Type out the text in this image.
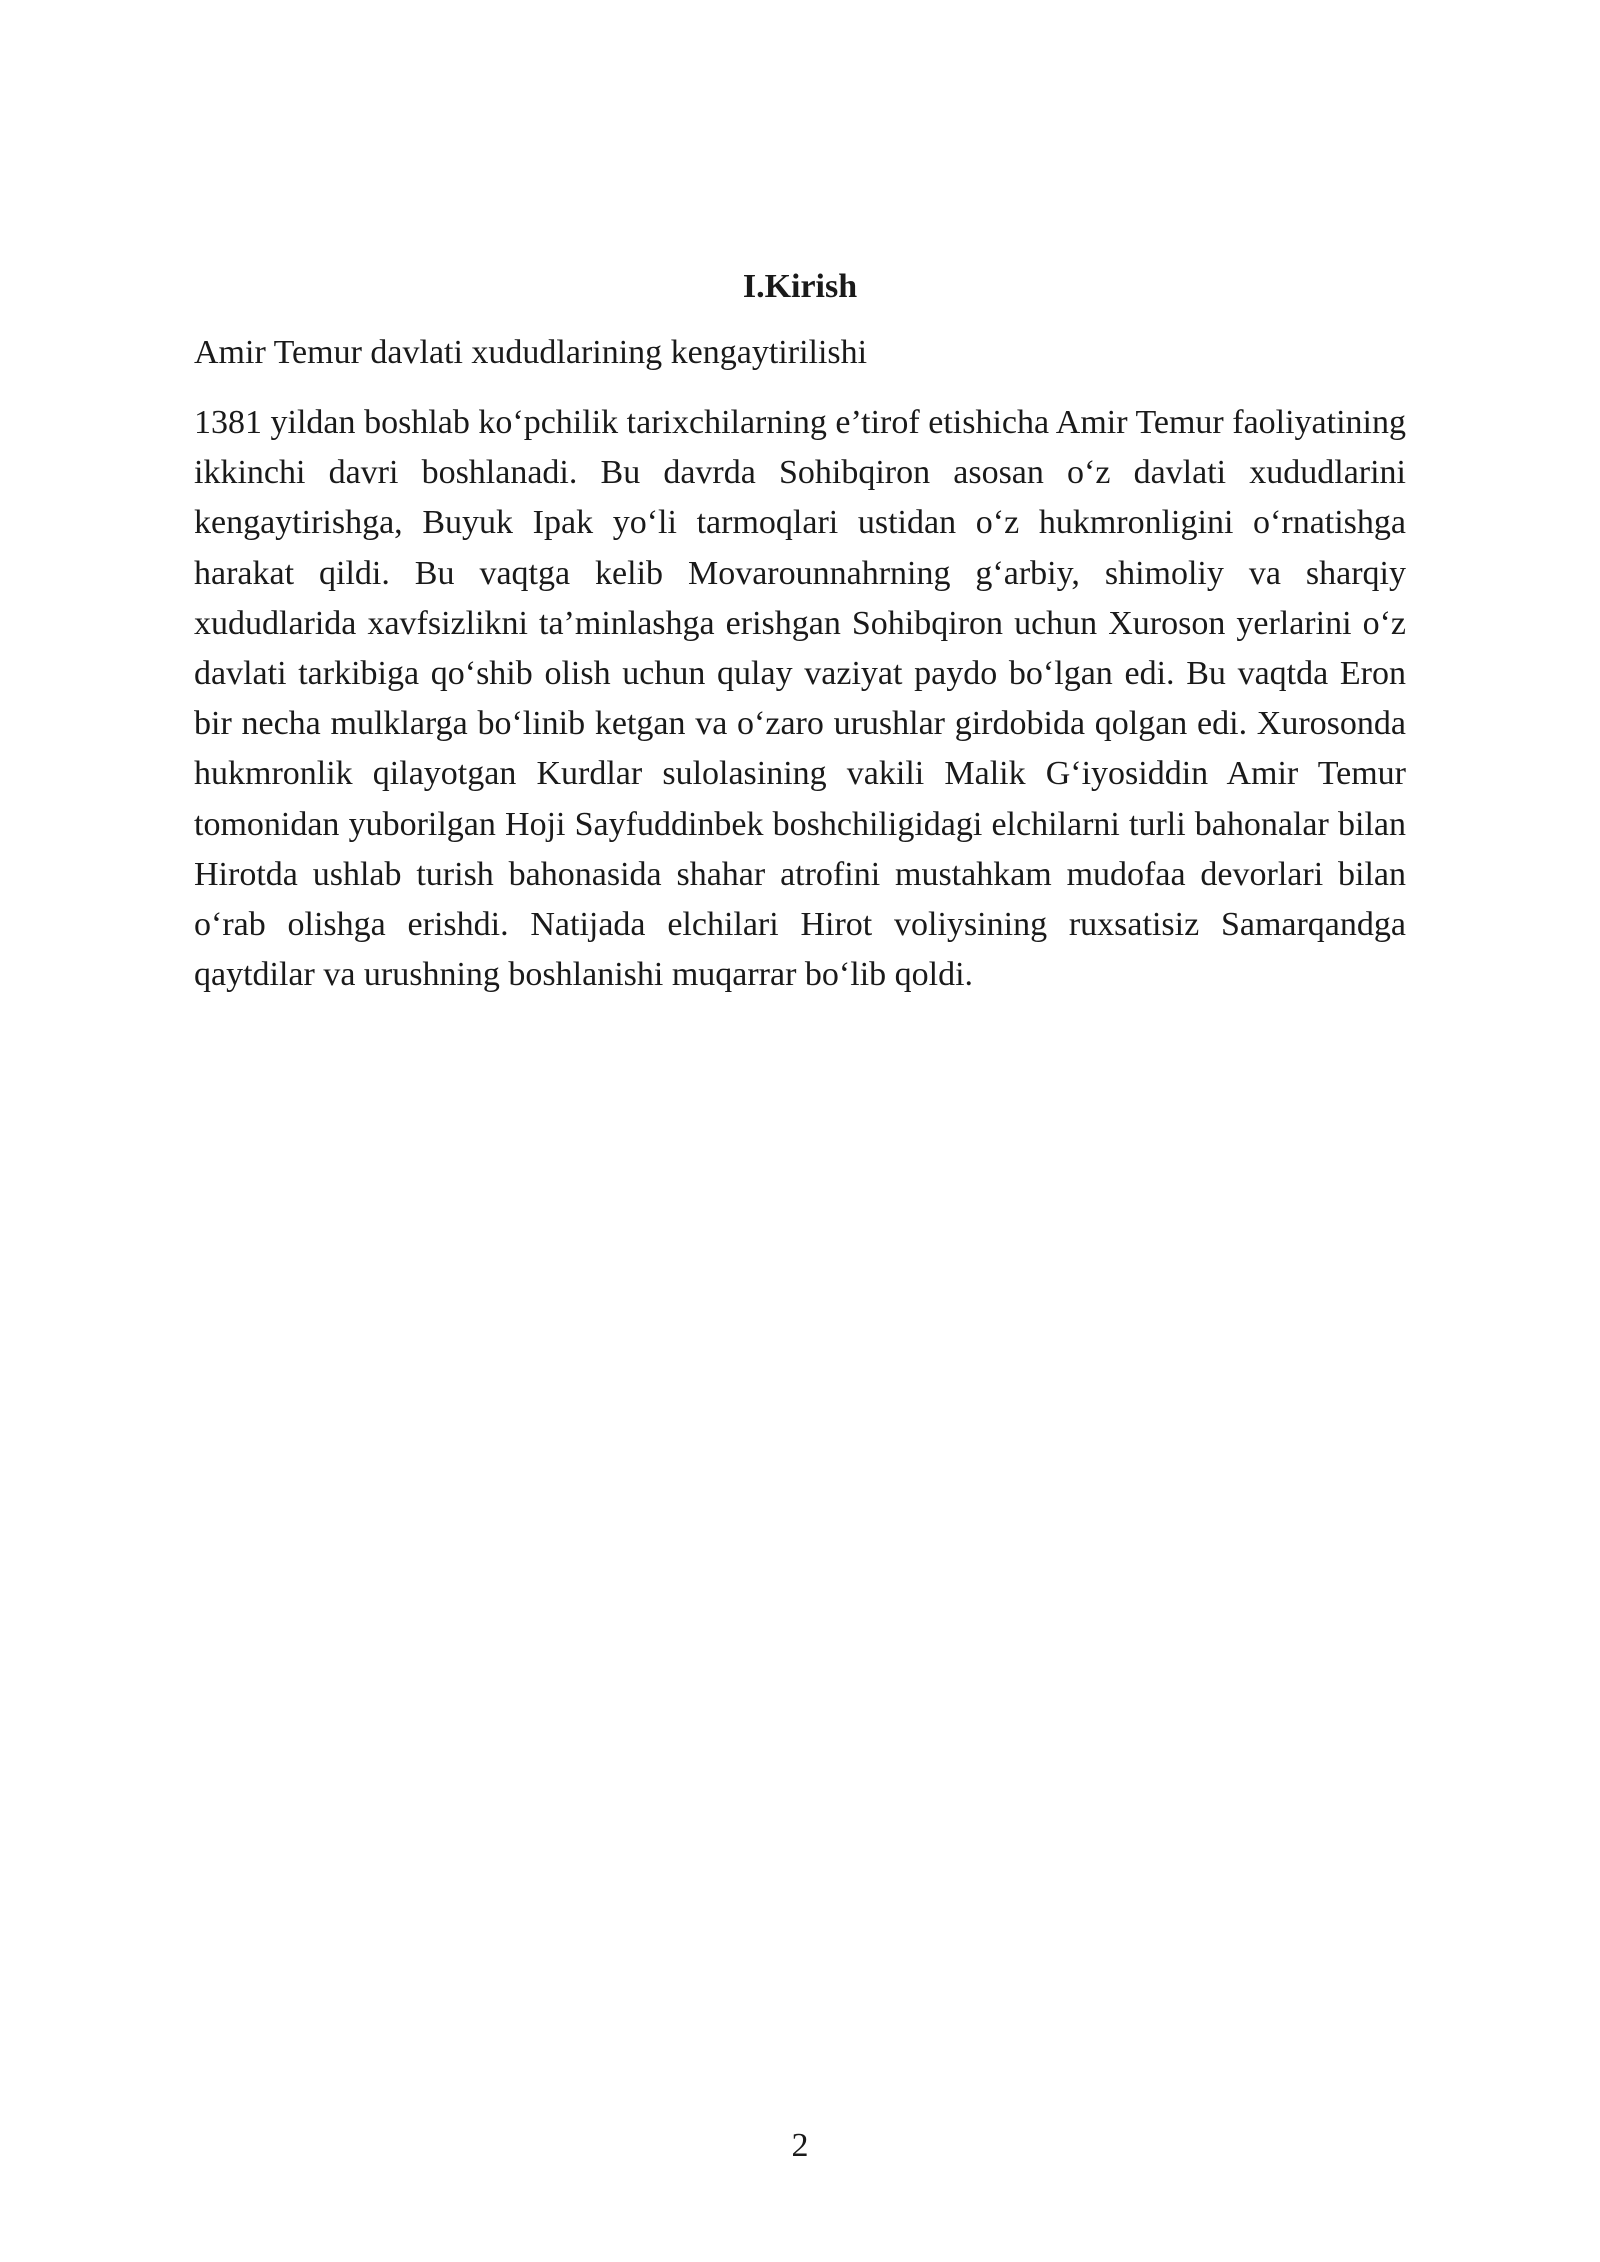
I.Kirish

Amir Temur davlati xududlarining kengaytirilishi

1381 yildan boshlab ko‘pchilik tarixchilarning e’tirof etishicha Amir Temur faoliyatining ikkinchi davri boshlanadi. Bu davrda Sohibqiron asosan o‘z davlati xududlarini kengaytirishga, Buyuk Ipak yo‘li tarmoqlari ustidan o‘z hukmronligini o‘rnatishga harakat qildi. Bu vaqtga kelib Movarounnahrning g‘arbiy, shimoliy va sharqiy xududlarida xavfsizlikni ta’minlashga erishgan Sohibqiron uchun Xuroson yerlarini o‘z davlati tarkibiga qo‘shib olish uchun qulay vaziyat paydo bo‘lgan edi. Bu vaqtda Eron bir necha mulklarga bo‘linib ketgan va o‘zaro urushlar girdobida qolgan edi. Xurosonda hukmronlik qilayotgan Kurdlar sulolasining vakili Malik G‘iyosiddin Amir Temur tomonidan yuborilgan Hoji Sayfuddinbek boshchiligidagi elchilarni turli bahonalar bilan Hirotda ushlab turish bahonasida shahar atrofini mustahkam mudofaa devorlari bilan o‘rab olishga erishdi. Natijada elchilari Hirot voliysining ruxsatisiz Samarqandga qaytdilar va urushning boshlanishi muqarrar bo‘lib qoldi.

2
